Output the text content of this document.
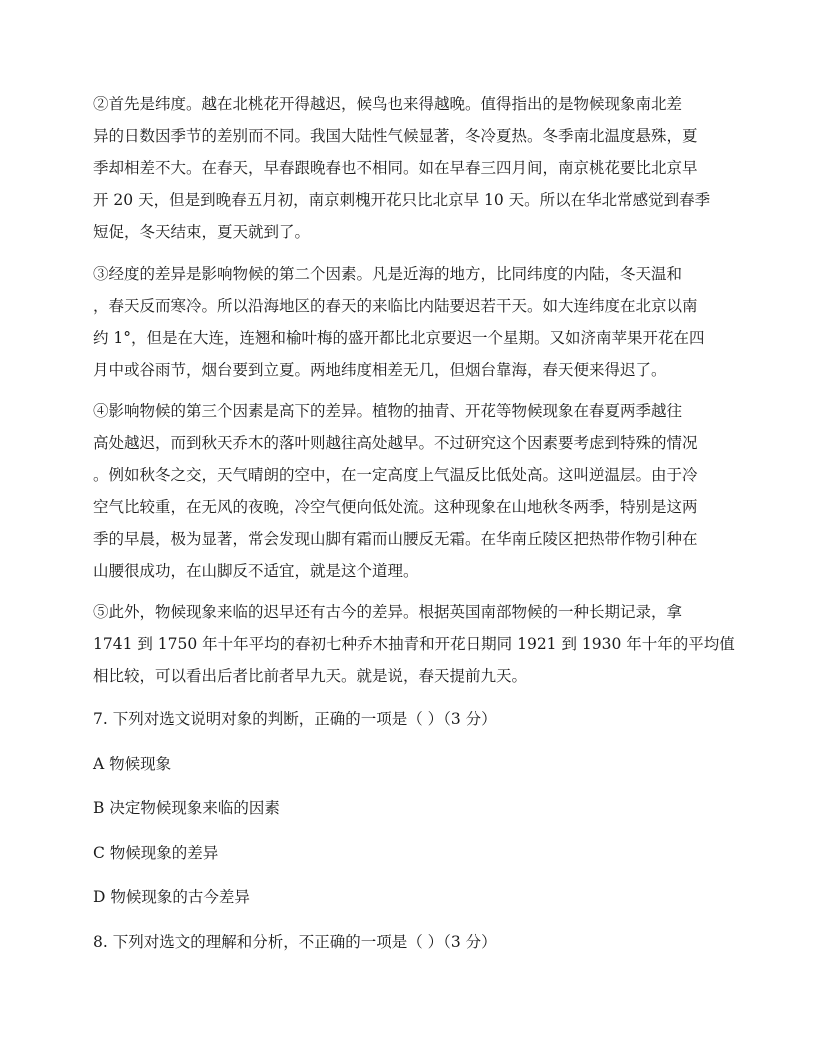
②首先是纬度。越在北桃花开得越迟，候鸟也来得越晚。值得指出的是物候现象南北差
异的日数因季节的差别而不同。我国大陆性气候显著，冬冷夏热。冬季南北温度悬殊，夏
季却相差不大。在春天，早春跟晚春也不相同。如在早春三四月间，南京桃花要比北京早
开 20 天，但是到晚春五月初，南京刺槐开花只比北京早 10 天。所以在华北常感觉到春季
短促，冬天结束，夏天就到了。
③经度的差异是影响物候的第二个因素。凡是近海的地方，比同纬度的内陆，冬天温和
，春天反而寒冷。所以沿海地区的春天的来临比内陆要迟若干天。如大连纬度在北京以南
约 1°，但是在大连，连翘和榆叶梅的盛开都比北京要迟一个星期。又如济南苹果开花在四
月中或谷雨节，烟台要到立夏。两地纬度相差无几，但烟台靠海，春天便来得迟了。
④影响物候的第三个因素是高下的差异。植物的抽青、开花等物候现象在春夏两季越往
高处越迟，而到秋天乔木的落叶则越往高处越早。不过研究这个因素要考虑到特殊的情况
。例如秋冬之交，天气晴朗的空中，在一定高度上气温反比低处高。这叫逆温层。由于冷
空气比较重，在无风的夜晚，冷空气便向低处流。这种现象在山地秋冬两季，特别是这两
季的早晨，极为显著，常会发现山脚有霜而山腰反无霜。在华南丘陵区把热带作物引种在
山腰很成功，在山脚反不适宜，就是这个道理。
⑤此外，物候现象来临的迟早还有古今的差异。根据英国南部物候的一种长期记录，拿
1741 到 1750 年十年平均的春初七种乔木抽青和开花日期同 1921 到 1930 年十年的平均值
相比较，可以看出后者比前者早九天。就是说，春天提前九天。
7. 下列对选文说明对象的判断，正确的一项是（ ）（3 分）
A 物候现象
B 决定物候现象来临的因素
C 物候现象的差异
D 物候现象的古今差异
8. 下列对选文的理解和分析，不正确的一项是（ ）（3 分）
